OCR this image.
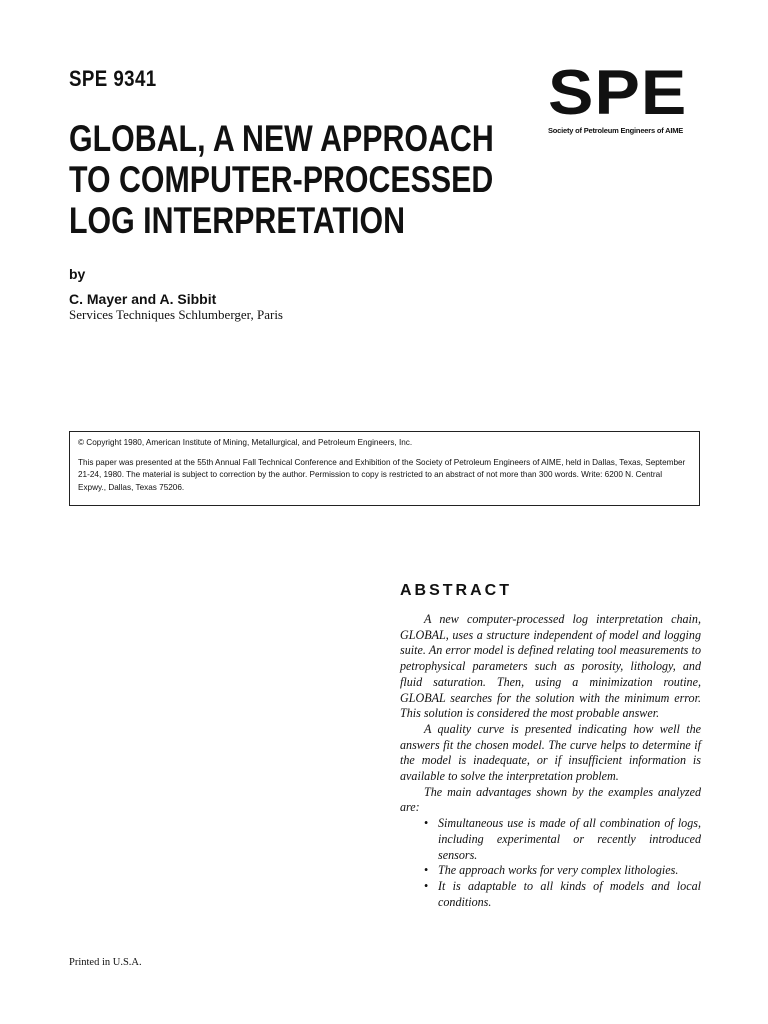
SPE 9341	SPE
Society of Petroleum Engineers of AIME
GLOBAL, A NEW APPROACH
TO COMPUTER-PROCESSED
LOG INTERPRETATION
by
C. Mayer and A. Sibbit
Services Techniques Schlumberger, Paris

© Copyright 1980, American Institute of Mining, Metallurgical, and Petroleum Engineers, Inc.

This paper was presented at the 55th Annual Fall Technical Conference and Exhibition of the Society of Petroleum Engineers of AIME, held in Dallas, Texas, September 21-24, 1980. The material is subject to correction by the author. Permission to copy is restricted to an abstract of not more than 300 words. Write: 6200 N. Central Expwy., Dallas, Texas 75206.

ABSTRACT

A new computer-processed log interpretation chain, GLOBAL, uses a structure independent of model and logging suite. An error model is defined relating tool measurements to petrophysical parameters such as porosity, lithology, and fluid saturation. Then, using a minimization routine, GLOBAL searches for the solution with the minimum error. This solution is considered the most probable answer.

A quality curve is presented indicating how well the answers fit the chosen model. The curve helps to determine if the model is inadequate, or if insufficient information is available to solve the interpretation problem.

The main advantages shown by the examples analyzed are:

• Simultaneous use is made of all combination of logs, including experimental or recently introduced sensors.
• The approach works for very complex lithologies.
• It is adaptable to all kinds of models and local conditions.
Printed in U.S.A.
